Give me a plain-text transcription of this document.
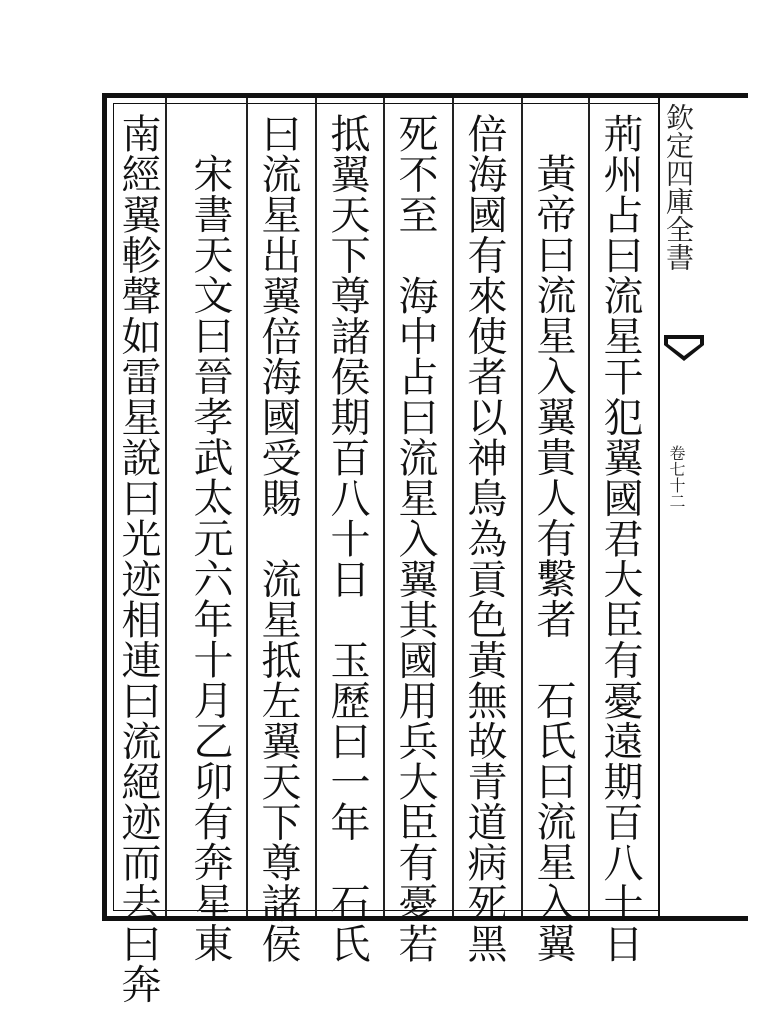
荊州占曰流星干犯翼國君大臣有憂遠期百八十日
黃帝曰流星入翼貴人有繫者　石氏曰流星入翼
倍海國有來使者以神鳥為貢色黃無故青道病死黑
死不至　海中占曰流星入翼其國用兵大臣有憂若
抵翼天下尊諸侯期百八十日　玉歷曰一年　石氏
曰流星出翼倍海國受賜　流星抵左翼天下尊諸侯
宋書天文曰晉孝武太元六年十月乙卯有奔星東
南經翼軫聲如雷星說曰光迹相連曰流絕迹而去曰奔	欽定四庫全書
卷七十二
